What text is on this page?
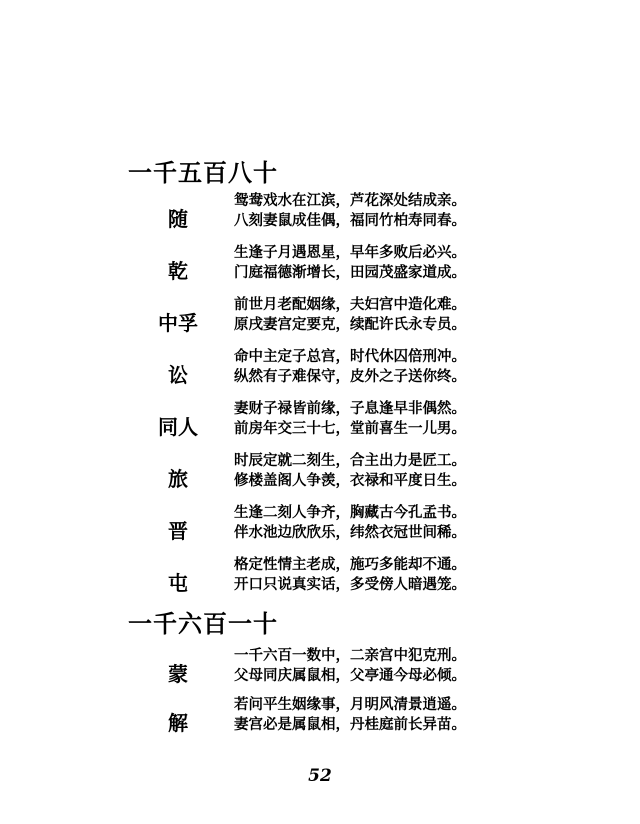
一千五百八十
随
鸳鸯戏水在江滨，芦花深处结成亲。
八刻妻鼠成佳偶，福同竹柏寿同春。
乾
生逢子月遇恩星，早年多败后必兴。
门庭福德渐增长，田园茂盛家道成。
中孚
前世月老配姻缘，夫妇宫中造化难。
原戌妻宫定要克，续配许氏永专员。
讼
命中主定子总宫，时代休囚倍刑冲。
纵然有子难保守，皮外之子送你终。
同人
妻财子禄皆前缘，子息逢早非偶然。
前房年交三十七，堂前喜生一儿男。
旅
时辰定就二刻生，合主出力是匠工。
修楼盖阁人争羡，衣禄和平度日生。
晋
生逢二刻人争齐，胸藏古今孔孟书。
伴水池边欣欣乐，纬然衣冠世间稀。
屯
格定性情主老成，施巧多能却不通。
开口只说真实话，多受傍人暗遇笼。
一千六百一十
蒙
一千六百一数中，二亲宫中犯克刑。
父母同庆属鼠相，父亭通今母必倾。
解
若问平生姻缘事，月明风清景逍遥。
妻宫必是属鼠相，丹桂庭前长异苗。
52
